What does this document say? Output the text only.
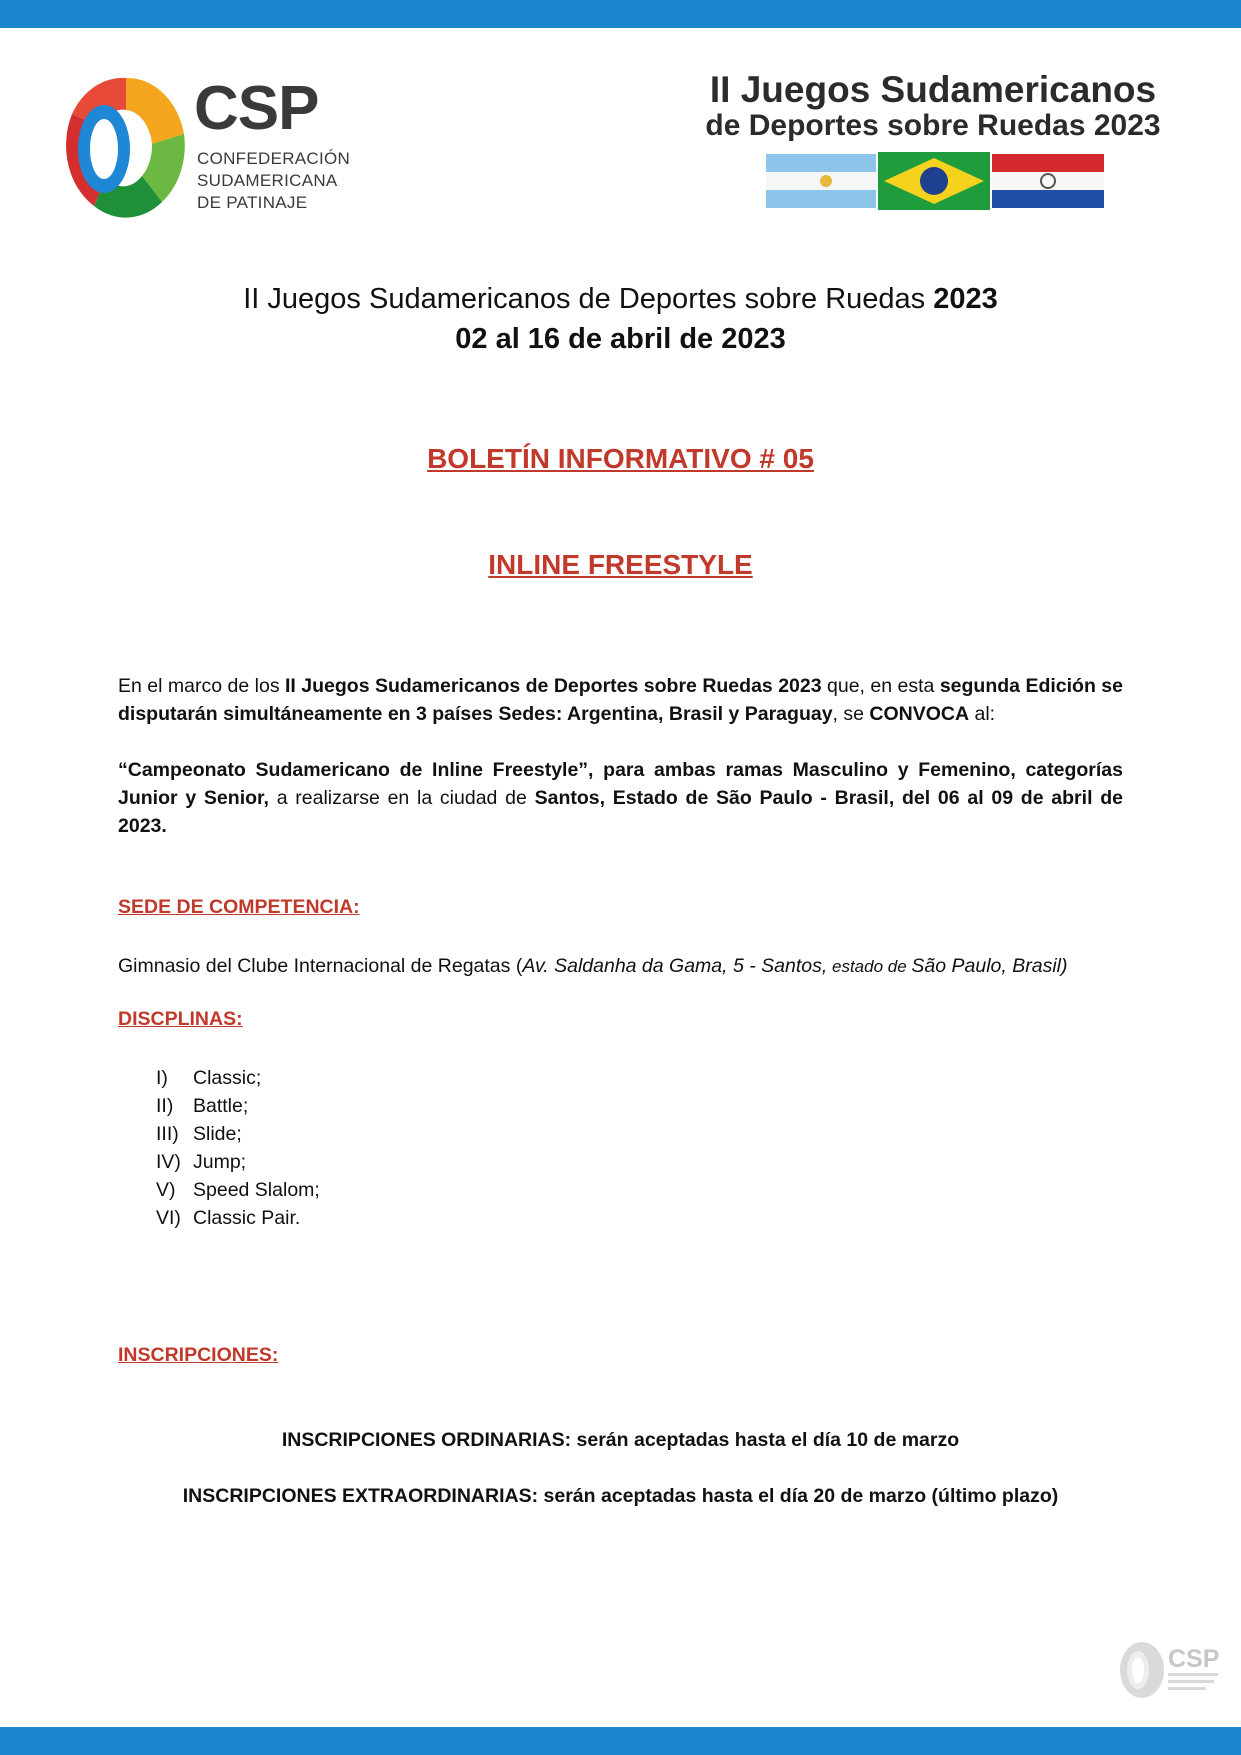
CSP
CONFEDERACIÓN
SUDAMERICANA
DE PATINAJE
II Juegos Sudamericanos
de Deportes sobre Ruedas 2023
II Juegos Sudamericanos de Deportes sobre Ruedas 2023
02 al 16 de abril de 2023
BOLETÍN INFORMATIVO # 05
INLINE FREESTYLE
En el marco de los II Juegos Sudamericanos de Deportes sobre Ruedas 2023 que, en esta segunda Edición se disputarán simultáneamente en 3 países Sedes: Argentina, Brasil y Paraguay, se CONVOCA al:
“Campeonato Sudamericano de Inline Freestyle”, para ambas ramas Masculino y Femenino, categorías Junior y Senior, a realizarse en la ciudad de Santos, Estado de São Paulo - Brasil, del 06 al 09 de abril de 2023.
SEDE DE COMPETENCIA:
Gimnasio del Clube Internacional de Regatas (Av. Saldanha da Gama, 5 - Santos, estado de São Paulo, Brasil)
DISCPLINAS:
I)	Classic;
II)	Battle;
III) Slide;
IV) Jump;
V) Speed Slalom;
VI) Classic Pair.
INSCRIPCIONES:
INSCRIPCIONES ORDINARIAS: serán aceptadas hasta el día 10 de marzo
INSCRIPCIONES EXTRAORDINARIAS: serán aceptadas hasta el día 20 de marzo (último plazo)
CSP
